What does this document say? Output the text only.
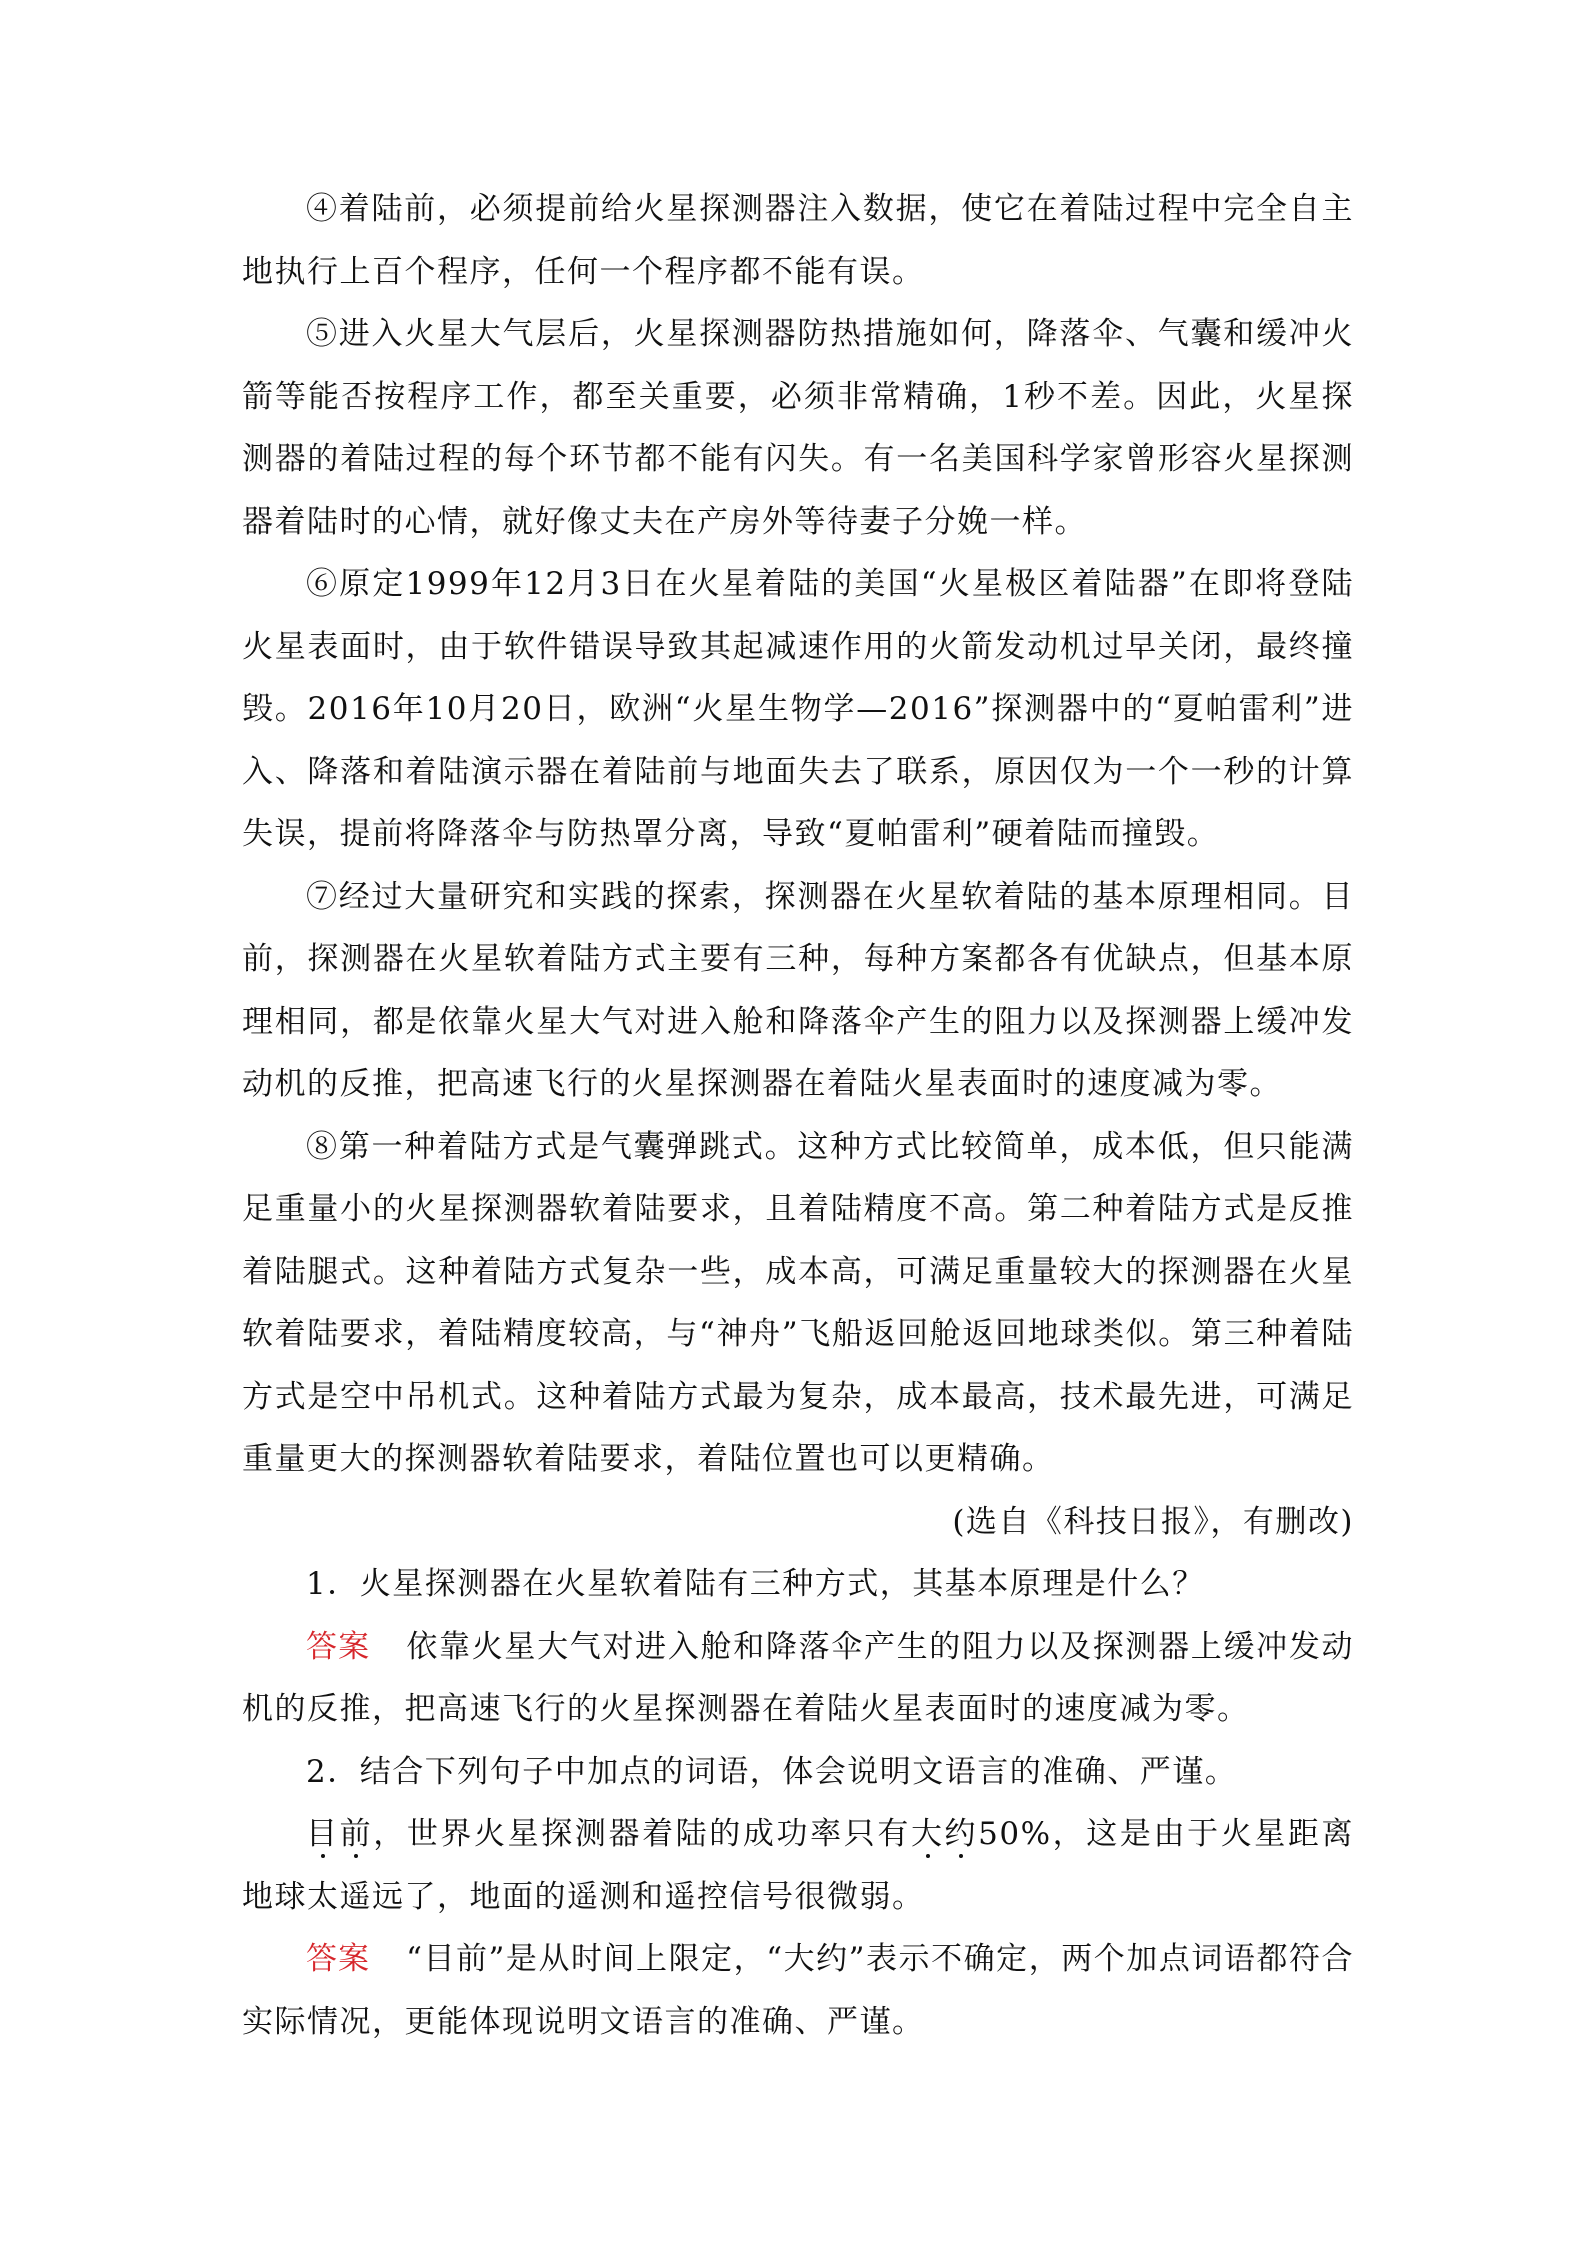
④着陆前，必须提前给火星探测器注入数据，使它在着陆过程中完全自主地执行上百个程序，任何一个程序都不能有误。

⑤进入火星大气层后，火星探测器防热措施如何，降落伞、气囊和缓冲火箭等能否按程序工作，都至关重要，必须非常精确，1秒不差。因此，火星探测器的着陆过程的每个环节都不能有闪失。有一名美国科学家曾形容火星探测器着陆时的心情，就好像丈夫在产房外等待妻子分娩一样。

⑥原定1999年12月3日在火星着陆的美国“火星极区着陆器”在即将登陆火星表面时，由于软件错误导致其起减速作用的火箭发动机过早关闭，最终撞毁。2016年10月20日，欧洲“火星生物学—2016”探测器中的“夏帕雷利”进入、降落和着陆演示器在着陆前与地面失去了联系，原因仅为一个一秒的计算失误，提前将降落伞与防热罩分离，导致“夏帕雷利”硬着陆而撞毁。

⑦经过大量研究和实践的探索，探测器在火星软着陆的基本原理相同。目前，探测器在火星软着陆方式主要有三种，每种方案都各有优缺点，但基本原理相同，都是依靠火星大气对进入舱和降落伞产生的阻力以及探测器上缓冲发动机的反推，把高速飞行的火星探测器在着陆火星表面时的速度减为零。

⑧第一种着陆方式是气囊弹跳式。这种方式比较简单，成本低，但只能满足重量小的火星探测器软着陆要求，且着陆精度不高。第二种着陆方式是反推着陆腿式。这种着陆方式复杂一些，成本高，可满足重量较大的探测器在火星软着陆要求，着陆精度较高，与“神舟”飞船返回舱返回地球类似。第三种着陆方式是空中吊机式。这种着陆方式最为复杂，成本最高，技术最先进，可满足重量更大的探测器软着陆要求，着陆位置也可以更精确。

(选自《科技日报》，有删改)

1．火星探测器在火星软着陆有三种方式，其基本原理是什么？

答案 依靠火星大气对进入舱和降落伞产生的阻力以及探测器上缓冲发动机的反推，把高速飞行的火星探测器在着陆火星表面时的速度减为零。

2．结合下列句子中加点的词语，体会说明文语言的准确、严谨。

目前，世界火星探测器着陆的成功率只有大约50%，这是由于火星距离地球太遥远了，地面的遥测和遥控信号很微弱。

答案 “目前”是从时间上限定，“大约”表示不确定，两个加点词语都符合实际情况，更能体现说明文语言的准确、严谨。
